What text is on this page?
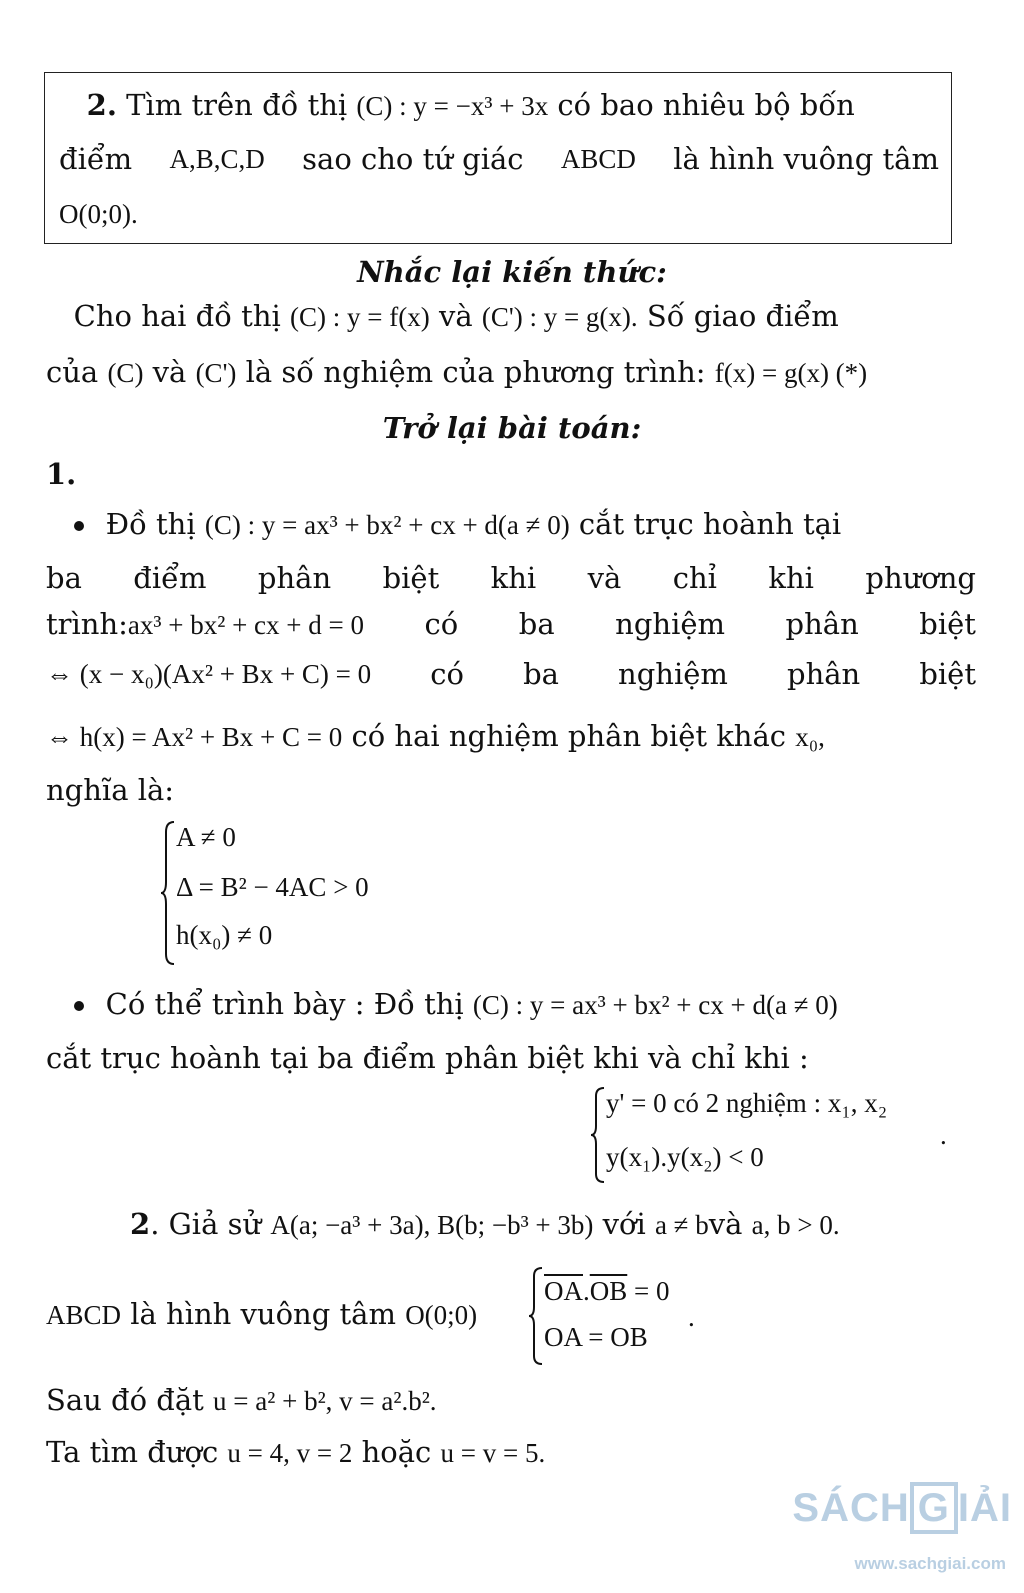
2. Tìm trên đồ thị (C) : y = −x³ + 3x có bao nhiêu bộ bốn
điểm A,B,C,D sao cho tứ giác ABCD là hình vuông tâm
O(0;0).
Nhắc lại kiến thức:
Cho hai đồ thị (C) : y = f(x) và (C') : y = g(x). Số giao điểm
của (C) và (C') là số nghiệm của phương trình: f(x) = g(x) (*)
Trở lại bài toán:
1.
Đồ thị (C) : y = ax³ + bx² + cx + d(a ≠ 0) cắt trục hoành tại
ba điểm phân biệt khi và chỉ khi phương
trình:ax³ + bx² + cx + d = 0 có ba nghiệm phân biệt
⇔ (x − x₀)(Ax² + Bx + C) = 0 có ba nghiệm phân biệt
⇔ h(x) = Ax² + Bx + C = 0 có hai nghiệm phân biệt khác x₀,
nghĩa là:
A ≠ 0
Δ = B² − 4AC > 0
h(x₀) ≠ 0
Có thể trình bày : Đồ thị (C) : y = ax³ + bx² + cx + d(a ≠ 0)
cắt trục hoành tại ba điểm phân biệt khi và chỉ khi :
y' = 0 có 2 nghiệm : x₁, x₂
y(x₁).y(x₂) < 0
.
2. Giả sử A(a; −a³ + 3a), B(b; −b³ + 3b) với a ≠ bvà a, b > 0.
ABCD là hình vuông tâm O(0;0)
$\overline{OA}.\overline{OB} = 0$
OA = OB
.
Sau đó đặt u = a² + b², v = a².b².
Ta tìm được u = 4, v = 2 hoặc u = v = 5.
SÁCH G IẢI
www.sachgiai.com
